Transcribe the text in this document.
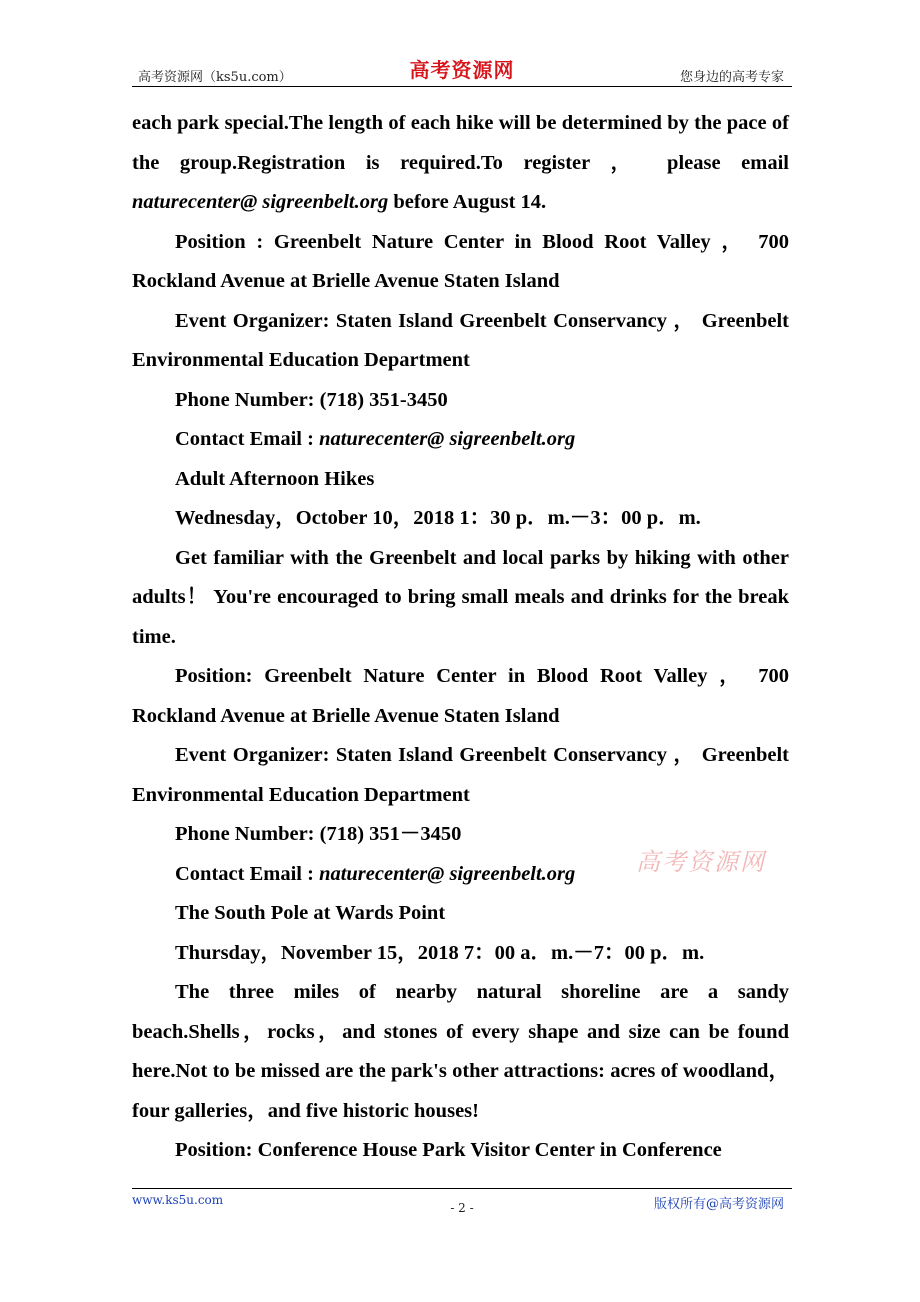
高考资源网（ks5u.com）	高考资源网	您身边的高考专家

each park special.The length of each hike will be determined by the pace of the group.Registration is required.To register ， please email naturecenter@ sigreenbelt.org before August 14.

Position : Greenbelt Nature Center in Blood Root Valley ， 700 Rockland Avenue at Brielle Avenue Staten Island

Event Organizer: Staten Island Greenbelt Conservancy ， Greenbelt Environmental Education Department

Phone Number: (718) 351-3450

Contact Email : naturecenter@ sigreenbelt.org

Adult Afternoon Hikes

Wednesday，October 10，2018 1：30 p．m.－3：00 p．m.

Get familiar with the Greenbelt and local parks by hiking with other adults！ You're encouraged to bring small meals and drinks for the break time.

Position: Greenbelt Nature Center in Blood Root Valley ， 700 Rockland Avenue at Brielle Avenue Staten Island

Event Organizer: Staten Island Greenbelt Conservancy ， Greenbelt Environmental Education Department

Phone Number: (718) 351－3450

Contact Email : naturecenter@ sigreenbelt.org

The South Pole at Wards Point

Thursday，November 15，2018 7：00 a．m.－7：00 p．m.

The three miles of nearby natural shoreline are a sandy beach.Shells，rocks，and stones of every shape and size can be found here.Not to be missed are the park's other attractions: acres of woodland，four galleries，and five historic houses!

Position: Conference House Park Visitor Center in Conference

高考资源网
www.ks5u.com
- 2 -	版权所有@高考资源网
